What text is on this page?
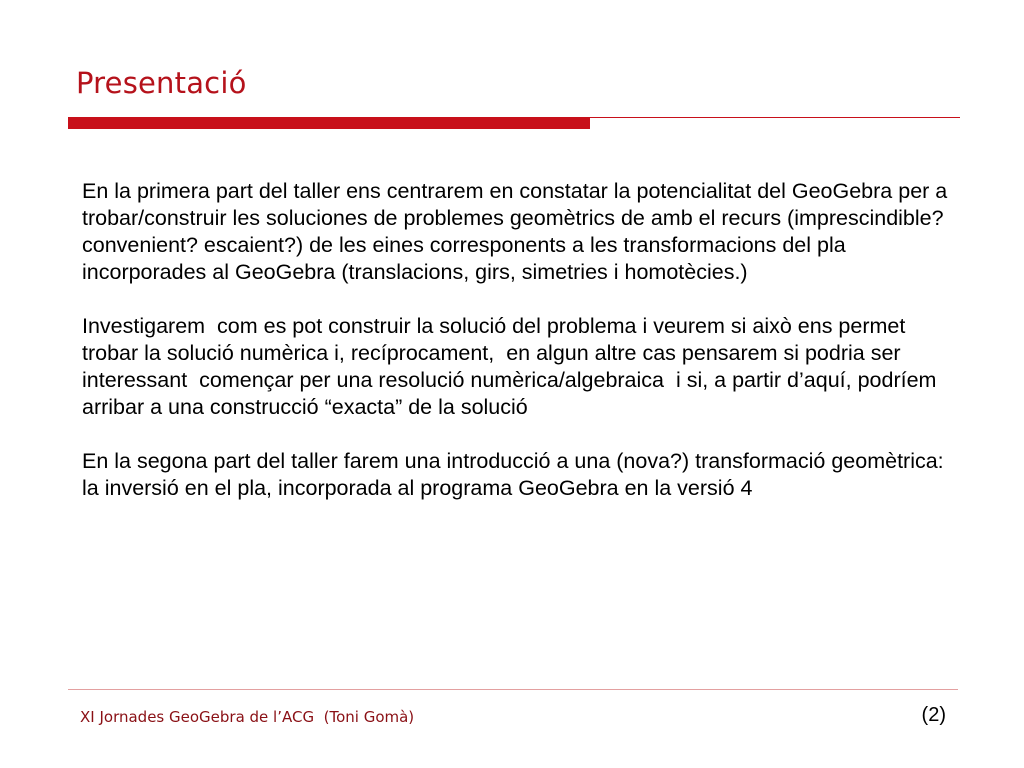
Presentació

En la primera part del taller ens centrarem en constatar la potencialitat del GeoGebra per a trobar/construir les soluciones de problemes geomètrics de amb el recurs (imprescindible? convenient? escaient?) de les eines corresponents a les transformacions del pla incorporades al GeoGebra (translacions, girs, simetries i homotècies.)

Investigarem  com es pot construir la solució del problema i veurem si això ens permet trobar la solució numèrica i, recíprocament,  en algun altre cas pensarem si podria ser interessant  començar per una resolució numèrica/algebraica  i si, a partir d’aquí, podríem arribar a una construcció “exacta” de la solució

En la segona part del taller farem una introducció a una (nova?) transformació geomètrica: la inversió en el pla, incorporada al programa GeoGebra en la versió 4

XI Jornades GeoGebra de l’ACG  (Toni Gomà)	(2)
